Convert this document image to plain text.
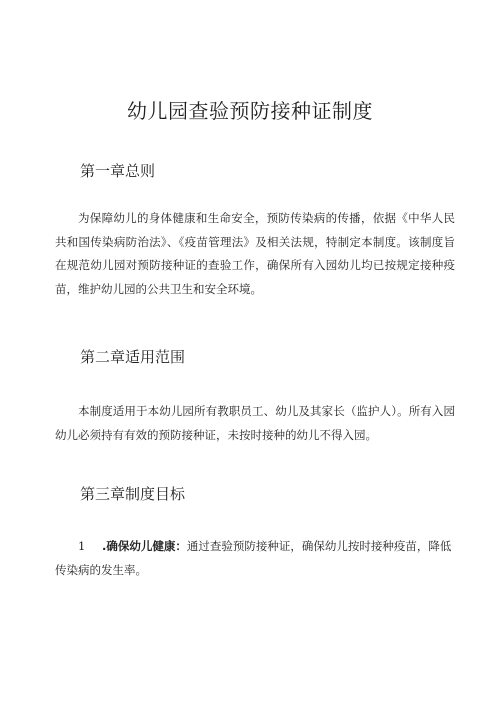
幼儿园查验预防接种证制度
第一章总则
为保障幼儿的身体健康和生命安全，预防传染病的传播，依据《中华人民共和国传染病防治法》、《疫苗管理法》及相关法规，特制定本制度。该制度旨在规范幼儿园对预防接种证的查验工作，确保所有入园幼儿均已按规定接种疫苗，维护幼儿园的公共卫生和安全环境。
第二章适用范围
本制度适用于本幼儿园所有教职员工、幼儿及其家长（监护人）。所有入园幼儿必须持有有效的预防接种证，未按时接种的幼儿不得入园。
第三章制度目标
1 .确保幼儿健康：通过查验预防接种证，确保幼儿按时接种疫苗，降低传染病的发生率。
